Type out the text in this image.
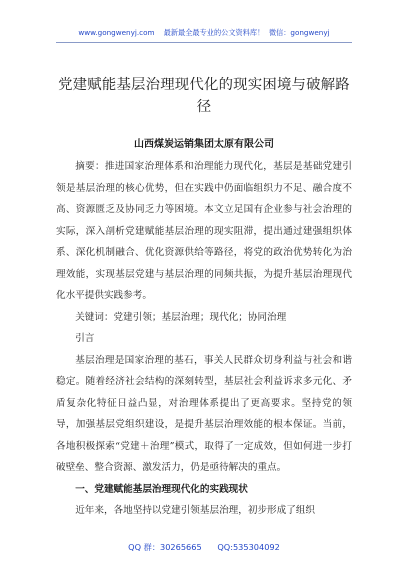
www.gongwenyj.com 最新最全最专业的公文资料库！ 微信：gongwenyj
党建赋能基层治理现代化的现实困境与破解路径
山西煤炭运销集团太原有限公司

摘要：推进国家治理体系和治理能力现代化，基层是基础党建引领是基层治理的核心优势，但在实践中仍面临组织力不足、融合度不高、资源匮乏及协同乏力等困境。本文立足国有企业参与社会治理的实际，深入剖析党建赋能基层治理的现实阻滞，提出通过建强组织体系、深化机制融合、优化资源供给等路径，将党的政治优势转化为治理效能，实现基层党建与基层治理的同频共振，为提升基层治理现代化水平提供实践参考。

关键词：党建引领；基层治理；现代化；协同治理

引言

基层治理是国家治理的基石，事关人民群众切身利益与社会和谐稳定。随着经济社会结构的深刻转型，基层社会利益诉求多元化、矛盾复杂化特征日益凸显，对治理体系提出了更高要求。坚持党的领导，加强基层党组织建设，是提升基层治理效能的根本保证。当前，各地积极探索“党建＋治理”模式，取得了一定成效，但如何进一步打破壁垒、整合资源、激发活力，仍是亟待解决的重点。

一、党建赋能基层治理现代化的实践现状

近年来，各地坚持以党建引领基层治理，初步形成了组织

QQ 群：30265665 QQ:535304092
